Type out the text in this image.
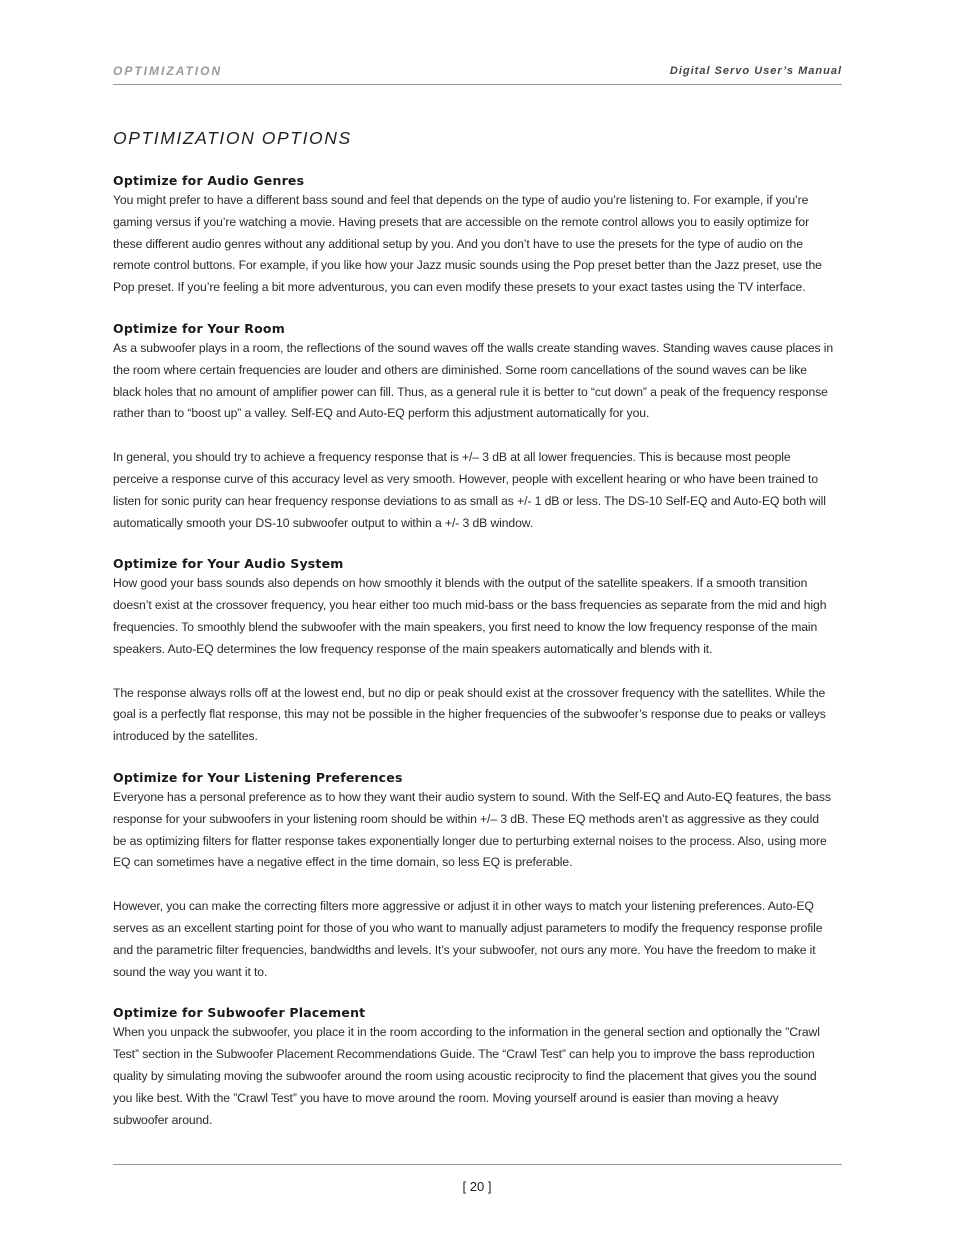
OPTIMIZATION	Digital Servo User’s Manual
OPTIMIZATION OPTIONS
Optimize for Audio Genres

You might prefer to have a different bass sound and feel that depends on the type of audio you’re listening to. For example, if you’re gaming versus if you’re watching a movie. Having presets that are accessible on the remote control allows you to easily optimize for these different audio genres without any additional setup by you. And you don’t have to use the presets for the type of audio on the remote control buttons. For example, if you like how your Jazz music sounds using the Pop preset better than the Jazz preset, use the Pop preset. If you’re feeling a bit more adventurous, you can even modify these presets to your exact tastes using the TV interface.

Optimize for Your Room

As a subwoofer plays in a room, the reflections of the sound waves off the walls create standing waves. Standing waves cause places in the room where certain frequencies are louder and others are diminished. Some room cancellations of the sound waves can be like black holes that no amount of amplifier power can fill. Thus, as a general rule it is better to “cut down” a peak of the frequency response rather than to “boost up” a valley. Self-EQ and Auto-EQ perform this adjustment automatically for you.

In general, you should try to achieve a frequency response that is +/– 3 dB at all lower frequencies. This is because most people perceive a response curve of this accuracy level as very smooth. However, people with excellent hearing or who have been trained to listen for sonic purity can hear frequency response deviations to as small as +/- 1 dB or less. The DS-10 Self-EQ and Auto-EQ both will automatically smooth your DS-10 subwoofer output to within a +/- 3 dB window.

Optimize for Your Audio System

How good your bass sounds also depends on how smoothly it blends with the output of the satellite speakers. If a smooth transition doesn’t exist at the crossover frequency, you hear either too much mid-bass or the bass frequencies as separate from the mid and high frequencies. To smoothly blend the subwoofer with the main speakers, you first need to know the low frequency response of the main speakers. Auto-EQ determines the low frequency response of the main speakers automatically and blends with it.

The response always rolls off at the lowest end, but no dip or peak should exist at the crossover frequency with the satellites. While the goal is a perfectly flat response, this may not be possible in the higher frequencies of the subwoofer’s response due to peaks or valleys introduced by the satellites.

Optimize for Your Listening Preferences

Everyone has a personal preference as to how they want their audio system to sound. With the Self-EQ and Auto-EQ features, the bass response for your subwoofers in your listening room should be within +/– 3 dB. These EQ methods aren’t as aggressive as they could be as optimizing filters for flatter response takes exponentially longer due to perturbing external noises to the process. Also, using more EQ can sometimes have a negative effect in the time domain, so less EQ is preferable.

However, you can make the correcting filters more aggressive or adjust it in other ways to match your listening preferences. Auto-EQ serves as an excellent starting point for those of you who want to manually adjust parameters to modify the frequency response profile and the parametric filter frequencies, bandwidths and levels. It’s your subwoofer, not ours any more. You have the freedom to make it sound the way you want it to.

Optimize for Subwoofer Placement

When you unpack the subwoofer, you place it in the room according to the information in the general section and optionally the ”Crawl Test” section in the Subwoofer Placement Recommendations Guide. The “Crawl Test” can help you to improve the bass reproduction quality by simulating moving the subwoofer around the room using acoustic reciprocity to find the placement that gives you the sound you like best. With the ”Crawl Test” you have to move around the room. Moving yourself around is easier than moving a heavy subwoofer around.

[ 20 ]
